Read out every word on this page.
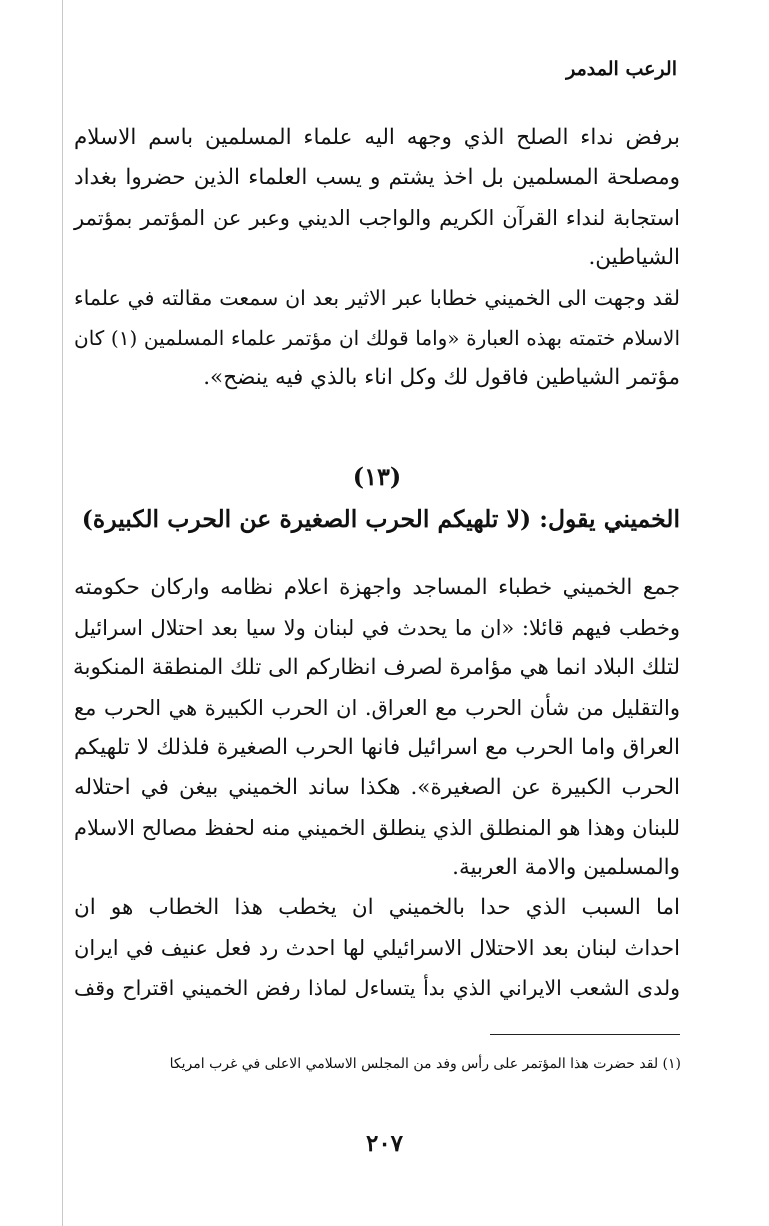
الرعب المدمر
برفض نداء الصلح الذي وجهه اليه علماء المسلمين باسم الاسلام
ومصلحة المسلمين بل اخذ يشتم و يسب العلماء الذين حضروا بغداد
استجابة لنداء القرآن الكريم والواجب الديني وعبر عن المؤتمر بمؤتمر
الشياطين.
لقد وجهت الى الخميني خطابا عبر الاثير بعد ان سمعت مقالته في علماء
الاسلام ختمته بهذه العبارة «واما قولك ان مؤتمر علماء المسلمين (١) كان
مؤتمر الشياطين فاقول لك وكل اناء بالذي فيه ينضح».
(١٣)
الخميني يقول: (لا تلهيكم الحرب الصغيرة عن الحرب الكبيرة)
جمع الخميني خطباء المساجد واجهزة اعلام نظامه واركان حكومته
وخطب فيهم قائلا: «ان ما يحدث في لبنان ولا سيا بعد احتلال اسرائيل
لتلك البلاد انما هي مؤامرة لصرف انظاركم الى تلك المنطقة المنكوبة
والتقليل من شأن الحرب مع العراق. ان الحرب الكبيرة هي الحرب مع
العراق واما الحرب مع اسرائيل فانها الحرب الصغيرة فلذلك لا تلهيكم
الحرب الكبيرة عن الصغيرة». هكذا ساند الخميني بيغن في احتلاله
للبنان وهذا هو المنطلق الذي ينطلق الخميني منه لحفظ مصالح الاسلام
والمسلمين والامة العربية.
اما السبب الذي حدا بالخميني ان يخطب هذا الخطاب هو ان
احداث لبنان بعد الاحتلال الاسرائيلي لها احدث رد فعل عنيف في ايران
ولدى الشعب الايراني الذي بدأ يتساءل لماذا رفض الخميني اقتراح وقف
(١) لقد حضرت هذا المؤتمر على رأس وفد من المجلس الاسلامي الاعلى في غرب امريكا
٢٠٧
